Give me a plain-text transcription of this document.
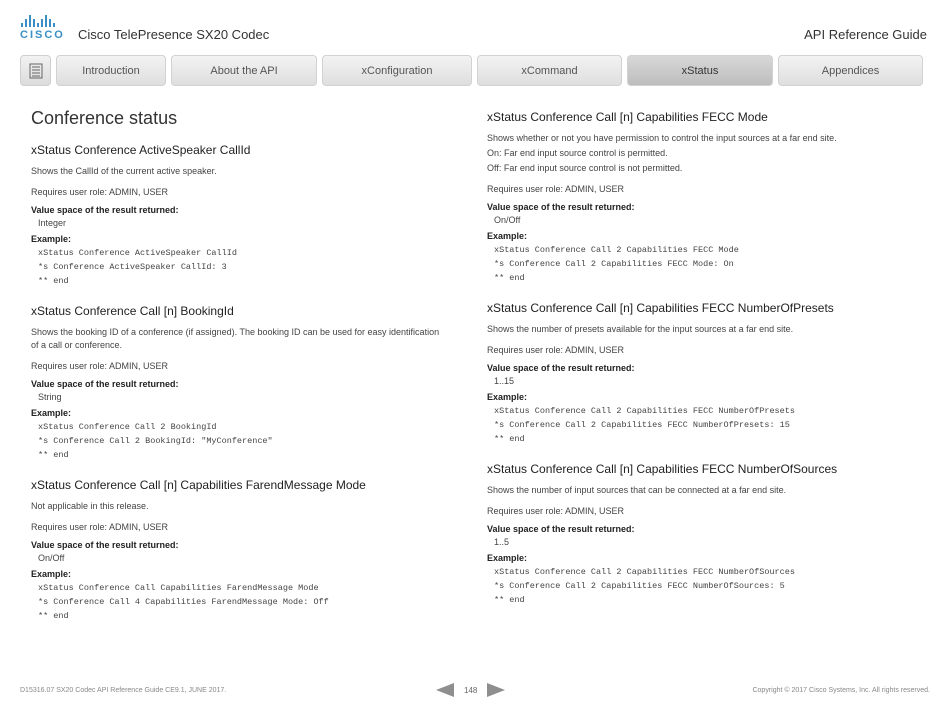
CISCO Cisco TelePresence SX20 Codec	API Reference Guide
Introduction	About the API	xConfiguration	xCommand	xStatus	Appendices
Conference status
xStatus Conference ActiveSpeaker CallId
Shows the CallId of the current active speaker.
Requires user role: ADMIN, USER
Value space of the result returned:
Integer
Example:
xStatus Conference ActiveSpeaker CallId
*s Conference ActiveSpeaker CallId: 3
** end
xStatus Conference Call [n] BookingId
Shows the booking ID of a conference (if assigned). The booking ID can be used for easy identification of a call or conference.
Requires user role: ADMIN, USER
Value space of the result returned:
String
Example:
xStatus Conference Call 2 BookingId
*s Conference Call 2 BookingId: "MyConference"
** end
xStatus Conference Call [n] Capabilities FarendMessage Mode
Not applicable in this release.
Requires user role: ADMIN, USER
Value space of the result returned:
On/Off
Example:
xStatus Conference Call Capabilities FarendMessage Mode
*s Conference Call 4 Capabilities FarendMessage Mode: Off
** end
xStatus Conference Call [n] Capabilities FECC Mode
Shows whether or not you have permission to control the input sources at a far end site.
On: Far end input source control is permitted.
Off: Far end input source control is not permitted.
Requires user role: ADMIN, USER
Value space of the result returned:
On/Off
Example:
xStatus Conference Call 2 Capabilities FECC Mode
*s Conference Call 2 Capabilities FECC Mode: On
** end
xStatus Conference Call [n] Capabilities FECC NumberOfPresets
Shows the number of presets available for the input sources at a far end site.
Requires user role: ADMIN, USER
Value space of the result returned:
1..15
Example:
xStatus Conference Call 2 Capabilities FECC NumberOfPresets
*s Conference Call 2 Capabilities FECC NumberOfPresets: 15
** end
xStatus Conference Call [n] Capabilities FECC NumberOfSources
Shows the number of input sources that can be connected at a far end site.
Requires user role: ADMIN, USER
Value space of the result returned:
1..5
Example:
xStatus Conference Call 2 Capabilities FECC NumberOfSources
*s Conference Call 2 Capabilities FECC NumberOfSources: 5
** end
D15316.07 SX20 Codec API Reference Guide CE9.1, JUNE 2017.	148	Copyright © 2017 Cisco Systems, Inc. All rights reserved.
